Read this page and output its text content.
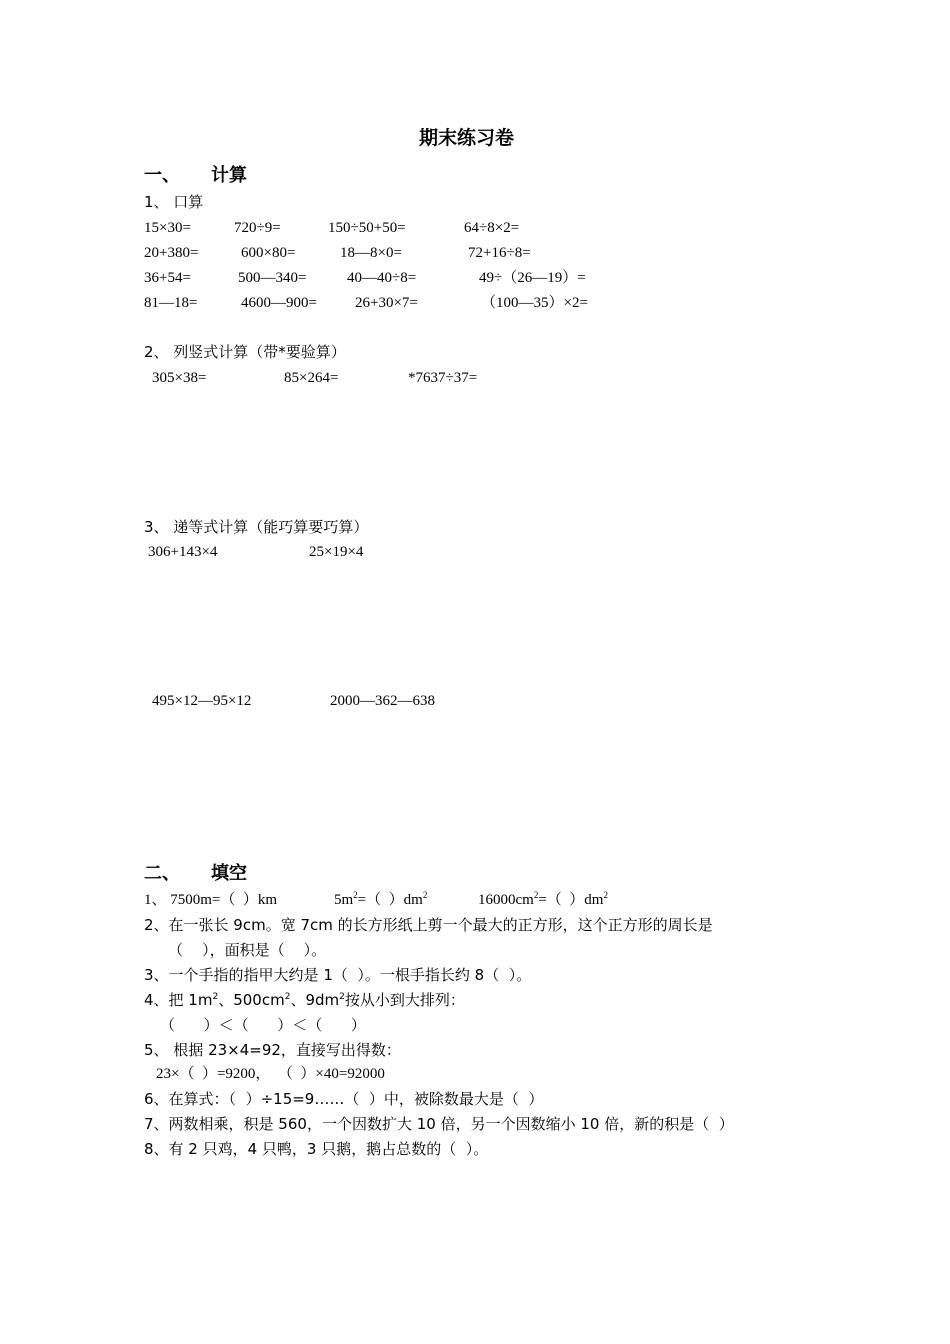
期末练习卷
一、 计算
1、 口算
15×30=	720÷9=	150÷50+50=	64÷8×2=
20+380=	600×80=	18—8×0=	72+16÷8=
36+54=	500—340=	40—40÷8=	49÷（26—19）=
81—18=	4600—900=	26+30×7=	（100—35）×2=
2、 列竖式计算（带*要验算）
305×38=	85×264=	*7637÷37=
3、 递等式计算（能巧算要巧算）
306+143×4	25×19×4
495×12—95×12	2000—362—638
二、 填空
1、 7500m=（  ）km	$5m^2=$（  ）$dm^2$	$16000cm^2=$（  ）$dm^2$
2、在一张长 9cm。宽 7cm 的长方形纸上剪一个最大的正方形，这个正方形的周长是
（    ），面积是（    ）。
3、一个手指的指甲大约是 1（  ）。一根手指长约 8（  ）。
4、把 $1m^2$、$500cm^2$、$9dm^2$按从小到大排列：
（      ）＜（      ）＜（      ）
5、 根据 23×4=92，直接写出得数：
23×（  ）=9200，  （  ）×40=92000
6、在算式：（  ）÷15=9……（  ）中，被除数最大是（  ）
7、两数相乘，积是 560，一个因数扩大 10 倍，另一个因数缩小 10 倍，新的积是（  ）
8、有 2 只鸡，4 只鸭，3 只鹅，鹅占总数的（  ）。
